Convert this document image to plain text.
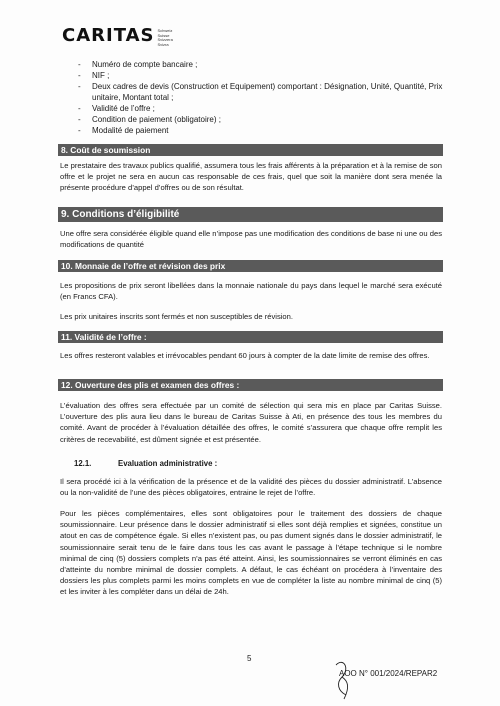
CARITAS Schweiz
Suisse
Svizzera
Svizra
- Numéro de compte bancaire ;
- NIF ;
- Deux cadres de devis (Construction et Equipement) comportant : Désignation, Unité, Quantité, Prix unitaire, Montant total ;
- Validité de l’offre ;
- Condition de paiement (obligatoire) ;
- Modalité de paiement
8. Coût de soumission

Le prestataire des travaux publics qualifié, assumera tous les frais afférents à la préparation et à la remise de son offre et le projet ne sera en aucun cas responsable de ces frais, quel que soit la manière dont sera menée la présente procédure d’appel d’offres ou de son résultat.

9. Conditions d’éligibilité

Une offre sera considérée éligible quand elle n’impose pas une modification des conditions de base ni une ou des modifications de quantité

10. Monnaie de l’offre et révision des prix

Les propositions de prix seront libellées dans la monnaie nationale du pays dans lequel le marché sera exécuté (en Francs CFA).

Les prix unitaires inscrits sont fermés et non susceptibles de révision.

11. Validité de l’offre :

Les offres resteront valables et irrévocables pendant 60 jours à compter de la date limite de remise des offres.

12. Ouverture des plis et examen des offres :

L’évaluation des offres sera effectuée par un comité de sélection qui sera mis en place par Caritas Suisse. L’ouverture des plis aura lieu dans le bureau de Caritas Suisse à Ati, en présence des tous les membres du comité. Avant de procéder à l’évaluation détaillée des offres, le comité s’assurera que chaque offre remplit les critères de recevabilité, est dûment signée et est présentée.

12.1.	Evaluation administrative :

Il sera procédé ici à la vérification de la présence et de la validité des pièces du dossier administratif. L’absence ou la non-validité de l’une des pièces obligatoires, entraine le rejet de l’offre.

Pour les pièces complémentaires, elles sont obligatoires pour le traitement des dossiers de chaque soumissionnaire. Leur présence dans le dossier administratif si elles sont déjà remplies et signées, constitue un atout en cas de compétence égale. Si elles n’existent pas, ou pas dument signés dans le dossier administratif, le soumissionnaire serait tenu de le faire dans tous les cas avant le passage à l’étape technique si le nombre minimal de cinq (5) dossiers complets n’a pas été atteint. Ainsi, les soumissionnaires se verront éliminés en cas d’atteinte du nombre minimal de dossier complets. A défaut, le cas échéant on procédera à l’inventaire des dossiers les plus complets parmi les moins complets en vue de compléter la liste au nombre minimal de cinq (5) et les inviter à les compléter dans un délai de 24h.

5
AOO N° 001/2024/REPAR2
